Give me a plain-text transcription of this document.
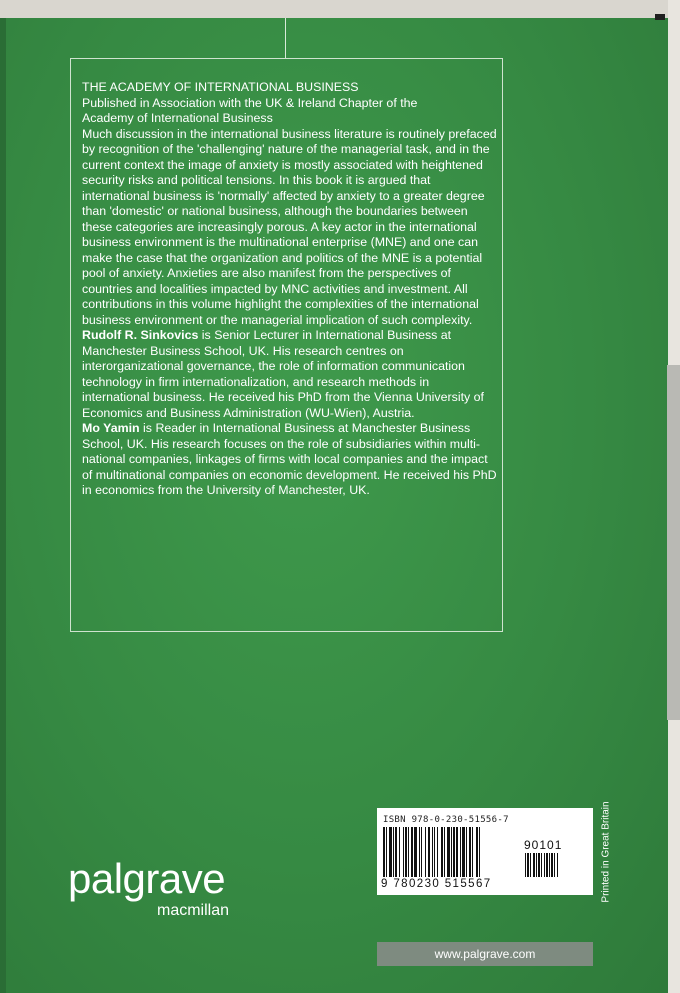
THE ACADEMY OF INTERNATIONAL BUSINESS
Published in Association with the UK & Ireland Chapter of the
Academy of International Business

Much discussion in the international business literature is routinely prefaced by recognition of the 'challenging' nature of the managerial task, and in the current context the image of anxiety is mostly associated with heightened security risks and political tensions. In this book it is argued that international business is 'normally' affected by anxiety to a greater degree than 'domestic' or national business, although the boundaries between these categories are increasingly porous. A key actor in the international business environment is the multinational enterprise (MNE) and one can make the case that the organization and politics of the MNE is a potential pool of anxiety. Anxieties are also manifest from the perspectives of countries and localities impacted by MNC activities and investment. All contributions in this volume highlight the complexities of the international business environment or the managerial implication of such complexity.

Rudolf R. Sinkovics is Senior Lecturer in International Business at Manchester Business School, UK. His research centres on interorganizational governance, the role of information communication technology in firm internationalization, and research methods in international business. He received his PhD from the Vienna University of Economics and Business Administration (WU-Wien), Austria.

Mo Yamin is Reader in International Business at Manchester Business School, UK. His research focuses on the role of subsidiaries within multi-national companies, linkages of firms with local companies and the impact of multinational companies on economic development. He received his PhD in economics from the University of Manchester, UK.

ISBN 978-0-230-51556-7
90101
9 780230 515567	Printed in Great Britain
palgrave
macmillan
www.palgrave.com
